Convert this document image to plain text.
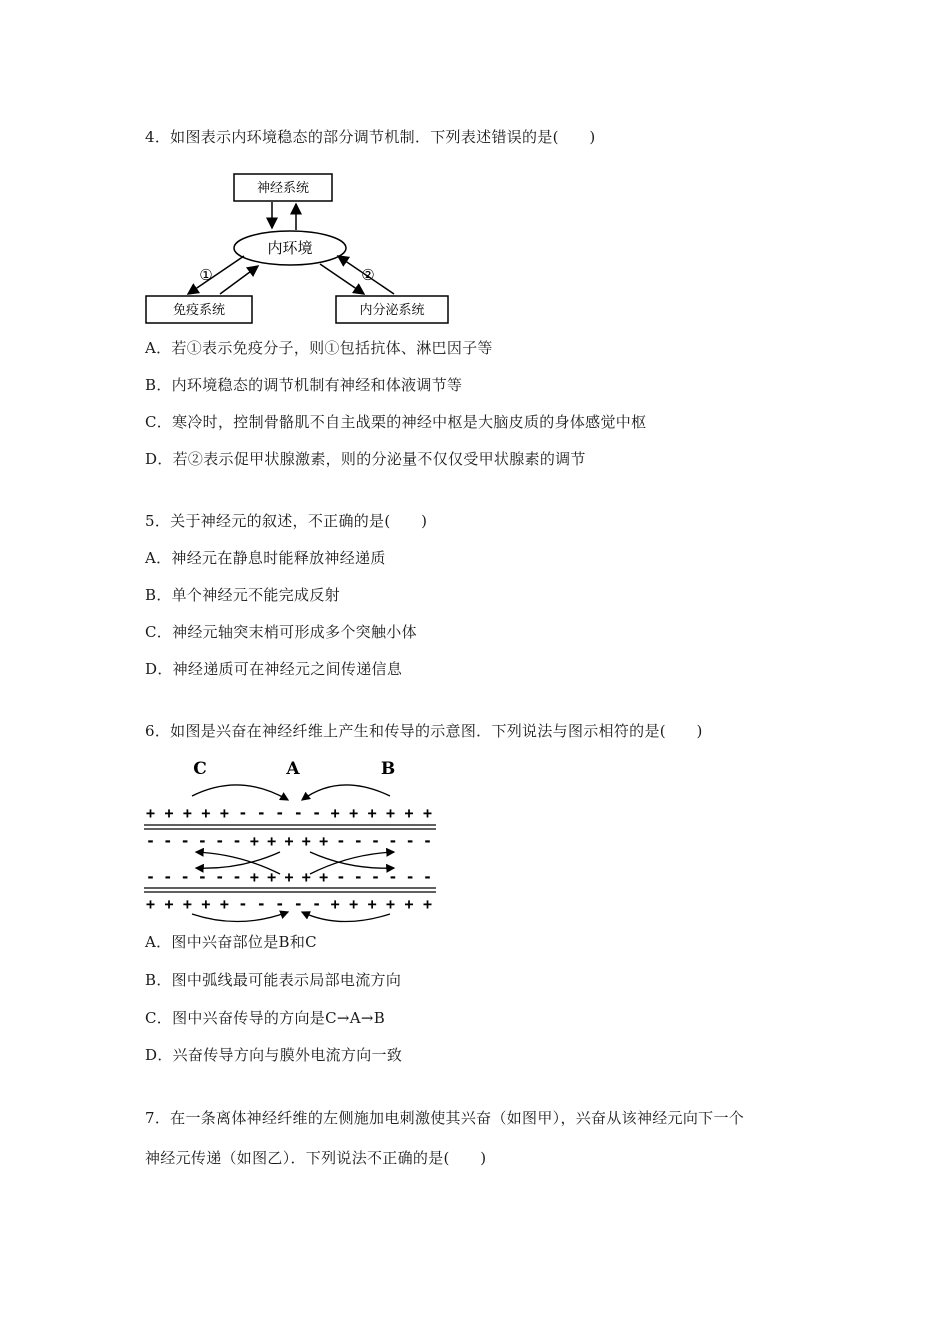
4．如图表示内环境稳态的部分调节机制．下列表述错误的是(　　)
神经系统
内环境
免疫系统	内分泌系统
①	②
A．若①表示免疫分子，则①包括抗体、淋巴因子等
B．内环境稳态的调节机制有神经和体液调节等
C．寒冷时，控制骨骼肌不自主战栗的神经中枢是大脑皮质的身体感觉中枢
D．若②表示促甲状腺激素，则的分泌量不仅仅受甲状腺素的调节
5．关于神经元的叙述，不正确的是(　　)
A．神经元在静息时能释放神经递质
B．单个神经元不能完成反射
C．神经元轴突末梢可形成多个突触小体
D．神经递质可在神经元之间传递信息
6．如图是兴奋在神经纤维上产生和传导的示意图．下列说法与图示相符的是(　　)
C	A	B
+ + + + + - - - - - + + + + + +
- - - - - - + + + + + - - - - - -
- - - - - - + + + + + - - - - - -
+ + + + + - - - - - + + + + + +
A．图中兴奋部位是B和C
B．图中弧线最可能表示局部电流方向
C．图中兴奋传导的方向是C→A→B
D．兴奋传导方向与膜外电流方向一致
7．在一条离体神经纤维的左侧施加电刺激使其兴奋（如图甲），兴奋从该神经元向下一个
神经元传递（如图乙）．下列说法不正确的是(　　)
